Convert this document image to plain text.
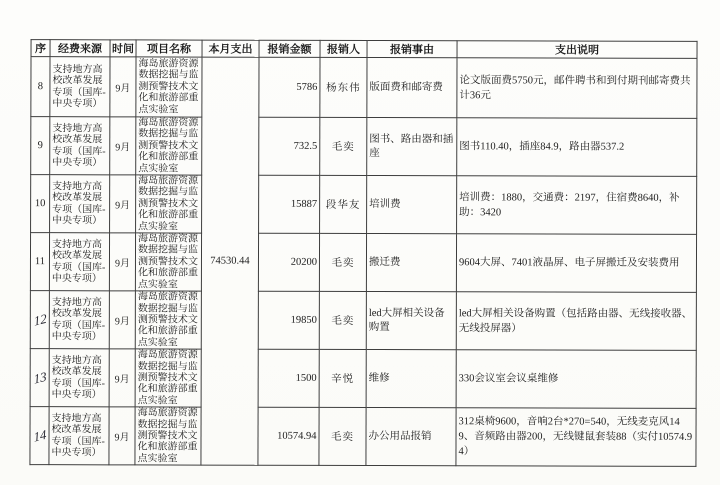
序	经费来源	时间	项目名称	本月支出	报销金额	报销人	报销事由	支出说明
8	支持地方高校改革发展专项（国库-中央专项）	9月	海岛旅游资源数据挖掘与监测预警技术文化和旅游部重点实验室	74530.44	5786	杨东伟	版面费和邮寄费	论文版面费5750元，邮件聘书和到付期刊邮寄费共计36元
9	支持地方高校改革发展专项（国库-中央专项）	9月	海岛旅游资源数据挖掘与监测预警技术文化和旅游部重点实验室		732.5	毛奕	图书、路由器和插座	图书110.40，插座84.9，路由器537.2
10	支持地方高校改革发展专项（国库-中央专项）	9月	海岛旅游资源数据挖掘与监测预警技术文化和旅游部重点实验室		15887	段华友	培训费	培训费：1880，交通费：2197，住宿费8640，补助：3420
11	支持地方高校改革发展专项（国库-中央专项）	9月	海岛旅游资源数据挖掘与监测预警技术文化和旅游部重点实验室		20200	毛奕	搬迁费	9604大屏、7401液晶屏、电子屏搬迁及安装费用
12	支持地方高校改革发展专项（国库-中央专项）	9月	海岛旅游资源数据挖掘与监测预警技术文化和旅游部重点实验室		19850	毛奕	led大屏相关设备购置	led大屏相关设备购置（包括路由器、无线接收器、无线投屏器）
13	支持地方高校改革发展专项（国库-中央专项）	9月	海岛旅游资源数据挖掘与监测预警技术文化和旅游部重点实验室		1500	辛悦	维修	330会议室会议桌维修
14	支持地方高校改革发展专项（国库-中央专项）	9月	海岛旅游资源数据挖掘与监测预警技术文化和旅游部重点实验室		10574.94	毛奕	办公用品报销	312桌椅9600，音响2台*270=540，无线麦克风149、音频路由器200，无线键鼠套装88（实付10574.94）
